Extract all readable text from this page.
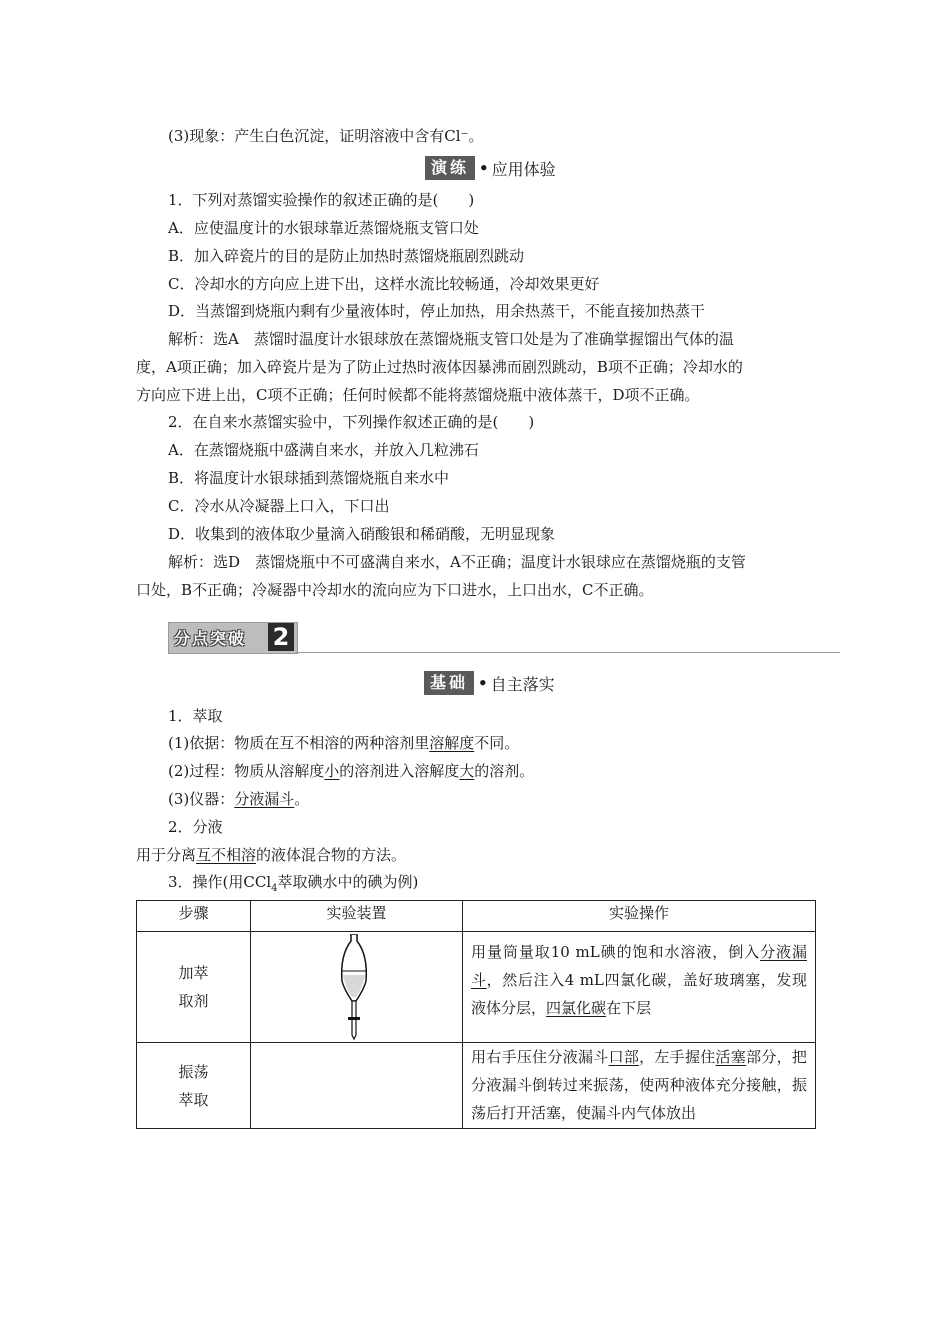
(3)现象：产生白色沉淀，证明溶液中含有Cl⁻。
演练 • 应用体验
1．下列对蒸馏实验操作的叙述正确的是(　　)
A．应使温度计的水银球靠近蒸馏烧瓶支管口处
B．加入碎瓷片的目的是防止加热时蒸馏烧瓶剧烈跳动
C．冷却水的方向应上进下出，这样水流比较畅通，冷却效果更好
D．当蒸馏到烧瓶内剩有少量液体时，停止加热，用余热蒸干，不能直接加热蒸干
解析：选A　蒸馏时温度计水银球放在蒸馏烧瓶支管口处是为了准确掌握馏出气体的温
度，A项正确；加入碎瓷片是为了防止过热时液体因暴沸而剧烈跳动，B项不正确；冷却水的
方向应下进上出，C项不正确；任何时候都不能将蒸馏烧瓶中液体蒸干，D项不正确。
2．在自来水蒸馏实验中，下列操作叙述正确的是(　　)
A．在蒸馏烧瓶中盛满自来水，并放入几粒沸石
B．将温度计水银球插到蒸馏烧瓶自来水中
C．冷水从冷凝器上口入，下口出
D．收集到的液体取少量滴入硝酸银和稀硝酸，无明显现象
解析：选D　蒸馏烧瓶中不可盛满自来水，A不正确；温度计水银球应在蒸馏烧瓶的支管
口处，B不正确；冷凝器中冷却水的流向应为下口进水，上口出水，C不正确。
分点突破 2
基础 • 自主落实
1．萃取
(1)依据：物质在互不相溶的两种溶剂里溶解度不同。
(2)过程：物质从溶解度小的溶剂进入溶解度大的溶剂。
(3)仪器：分液漏斗。
2．分液
用于分离互不相溶的液体混合物的方法。
3．操作(用CCl$_4$萃取碘水中的碘为例)
步骤	实验装置	实验操作
加萃
取剂		用量筒量取10 mL碘的饱和水溶液，倒入分液漏斗，然后注入4 mL四氯化碳，盖好玻璃塞，发现液体分层，四氯化碳在下层
振荡
萃取		用右手压住分液漏斗口部，左手握住活塞部分，把分液漏斗倒转过来振荡，使两种液体充分接触，振荡后打开活塞，使漏斗内气体放出
